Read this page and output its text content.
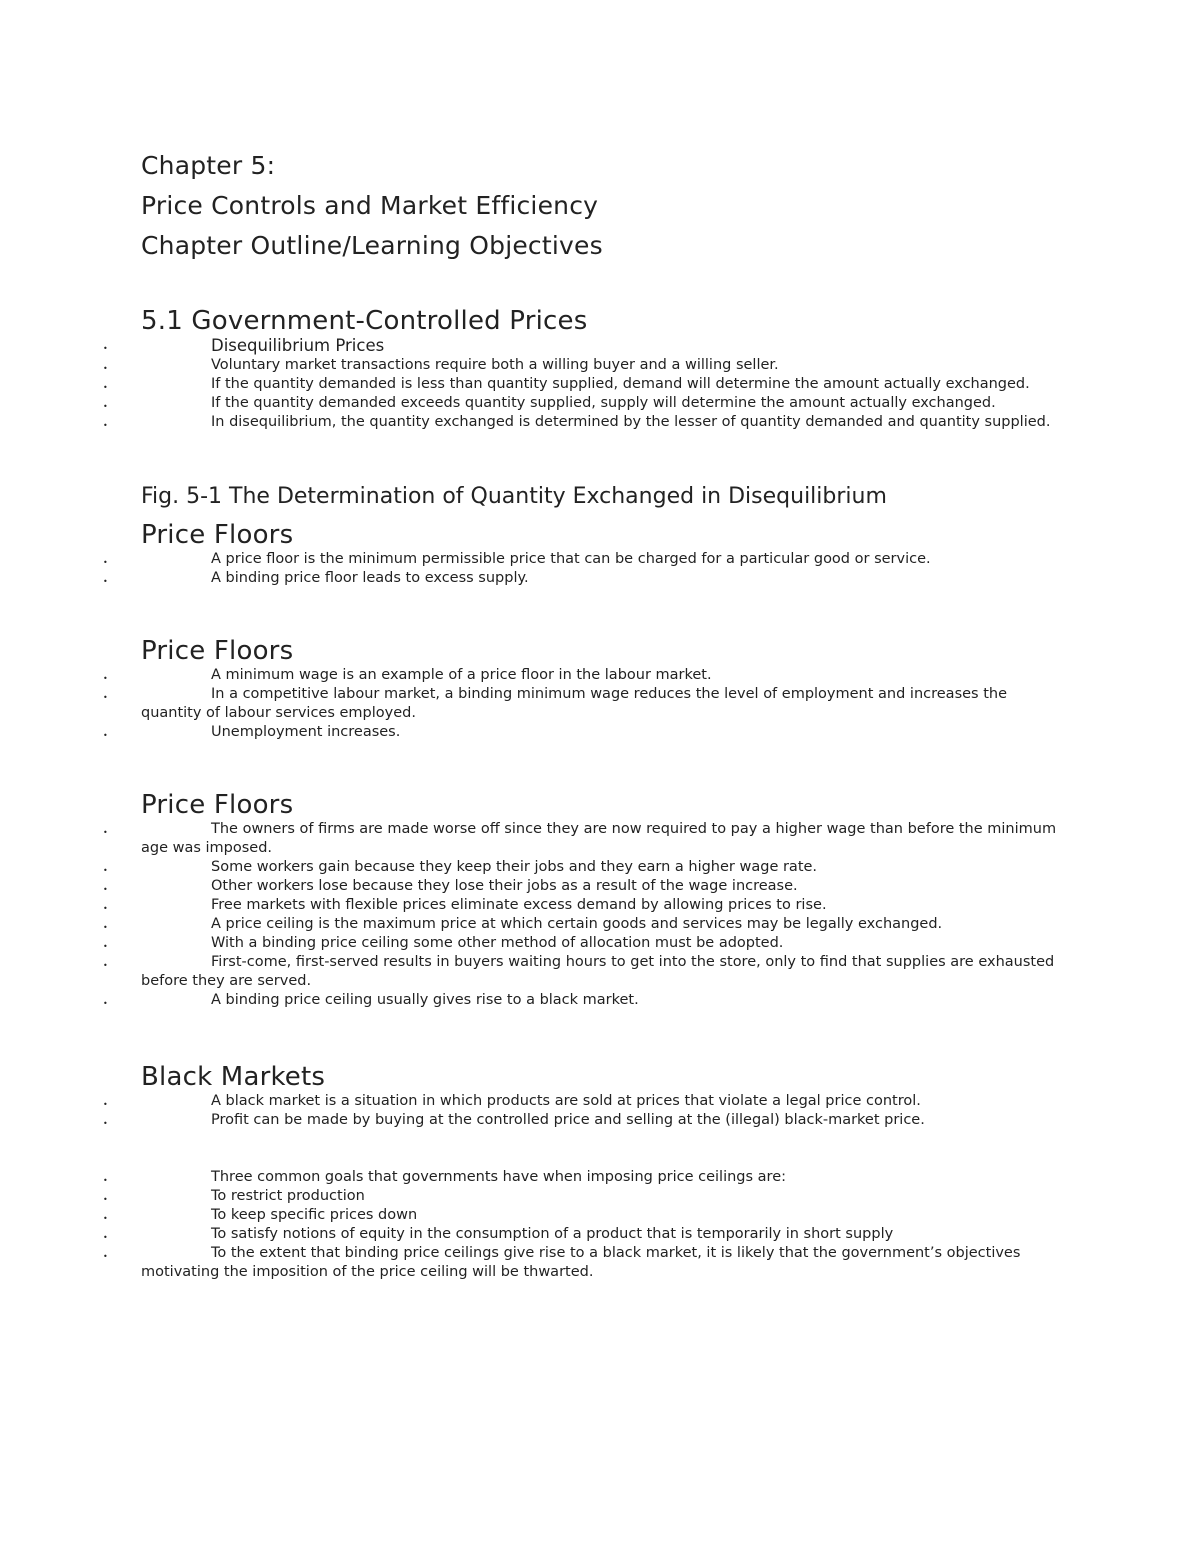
Chapter 5:

Price Controls and Market Efficiency

Chapter Outline/Learning Objectives

5.1 Government-Controlled Prices
• Disequilibrium Prices
• Voluntary market transactions require both a willing buyer and a willing seller.
• If the quantity demanded is less than quantity supplied, demand will determine the amount actually exchanged.
• If the quantity demanded exceeds quantity supplied, supply will determine the amount actually exchanged.
• In disequilibrium, the quantity exchanged is determined by the lesser of quantity demanded and quantity supplied.
Fig. 5-1 The Determination of Quantity Exchanged in Disequilibrium
Price Floors
• A price floor is the minimum permissible price that can be charged for a particular good or service.
• A binding price floor leads to excess supply.
Price Floors
• A minimum wage is an example of a price floor in the labour market.
• In a competitive labour market, a binding minimum wage reduces the level of employment and increases the quantity of labour services employed.
• Unemployment increases.
Price Floors
• The owners of firms are made worse off since they are now required to pay a higher wage than before the minimum age was imposed.
• Some workers gain because they keep their jobs and they earn a higher wage rate.
• Other workers lose because they lose their jobs as a result of the wage increase.
• Free markets with flexible prices eliminate excess demand by allowing prices to rise.
• A price ceiling is the maximum price at which certain goods and services may be legally exchanged.
• With a binding price ceiling some other method of allocation must be adopted.
• First-come, first-served results in buyers waiting hours to get into the store, only to find that supplies are exhausted before they are served.
• A binding price ceiling usually gives rise to a black market.
Black Markets
• A black market is a situation in which products are sold at prices that violate a legal price control.
• Profit can be made by buying at the controlled price and selling at the (illegal) black-market price.
• Three common goals that governments have when imposing price ceilings are:
• To restrict production
• To keep specific prices down
• To satisfy notions of equity in the consumption of a product that is temporarily in short supply
• To the extent that binding price ceilings give rise to a black market, it is likely that the government’s objectives motivating the imposition of the price ceiling will be thwarted.
